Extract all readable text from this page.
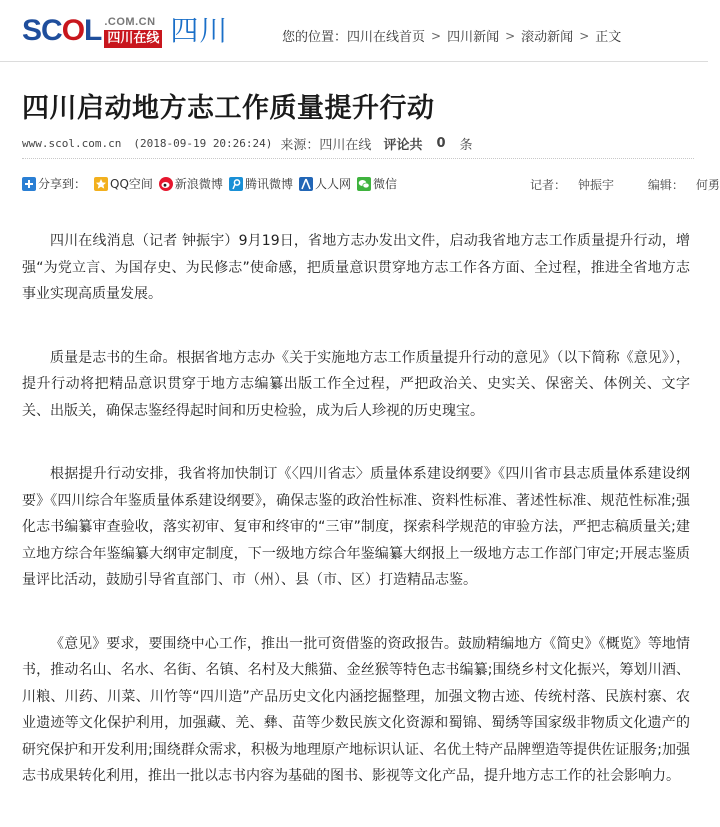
SCOL .COM.CN
四川在线 四川	您的位置： 四川在线首页 > 四川新闻 > 滚动新闻 > 正文
四川启动地方志工作质量提升行动
www.scol.com.cn (2018-09-19 20:26:24) 来源：四川在线 评论共 0 条
分享到： QQ空间 新浪微博 腾讯微博 人人网 微信	记者： 钟振宇	编辑： 何勇

四川在线消息（记者 钟振宇）9月19日，省地方志办发出文件，启动我省地方志工作质量提升行动，增强“为党立言、为国存史、为民修志”使命感，把质量意识贯穿地方志工作各方面、全过程，推进全省地方志事业实现高质量发展。

质量是志书的生命。根据省地方志办《关于实施地方志工作质量提升行动的意见》（以下简称《意见》），提升行动将把精品意识贯穿于地方志编纂出版工作全过程，严把政治关、史实关、保密关、体例关、文字关、出版关，确保志鉴经得起时间和历史检验，成为后人珍视的历史瑰宝。

根据提升行动安排，我省将加快制订《〈四川省志〉质量体系建设纲要》《四川省市县志质量体系建设纲要》《四川综合年鉴质量体系建设纲要》，确保志鉴的政治性标准、资料性标准、著述性标准、规范性标准;强化志书编纂审查验收，落实初审、复审和终审的“三审”制度，探索科学规范的审验方法，严把志稿质量关;建立地方综合年鉴编纂大纲审定制度，下一级地方综合年鉴编纂大纲报上一级地方志工作部门审定;开展志鉴质量评比活动，鼓励引导省直部门、市（州）、县（市、区）打造精品志鉴。

《意见》要求，要围绕中心工作，推出一批可资借鉴的资政报告。鼓励精编地方《简史》《概览》等地情书，推动名山、名水、名街、名镇、名村及大熊猫、金丝猴等特色志书编纂;围绕乡村文化振兴，筹划川酒、川粮、川药、川菜、川竹等“四川造”产品历史文化内涵挖掘整理，加强文物古迹、传统村落、民族村寨、农业遗迹等文化保护利用，加强藏、羌、彝、苗等少数民族文化资源和蜀锦、蜀绣等国家级非物质文化遗产的研究保护和开发利用;围绕群众需求，积极为地理原产地标识认证、名优土特产品牌塑造等提供佐证服务;加强志书成果转化利用，推出一批以志书内容为基础的图书、影视等文化产品，提升地方志工作的社会影响力。
